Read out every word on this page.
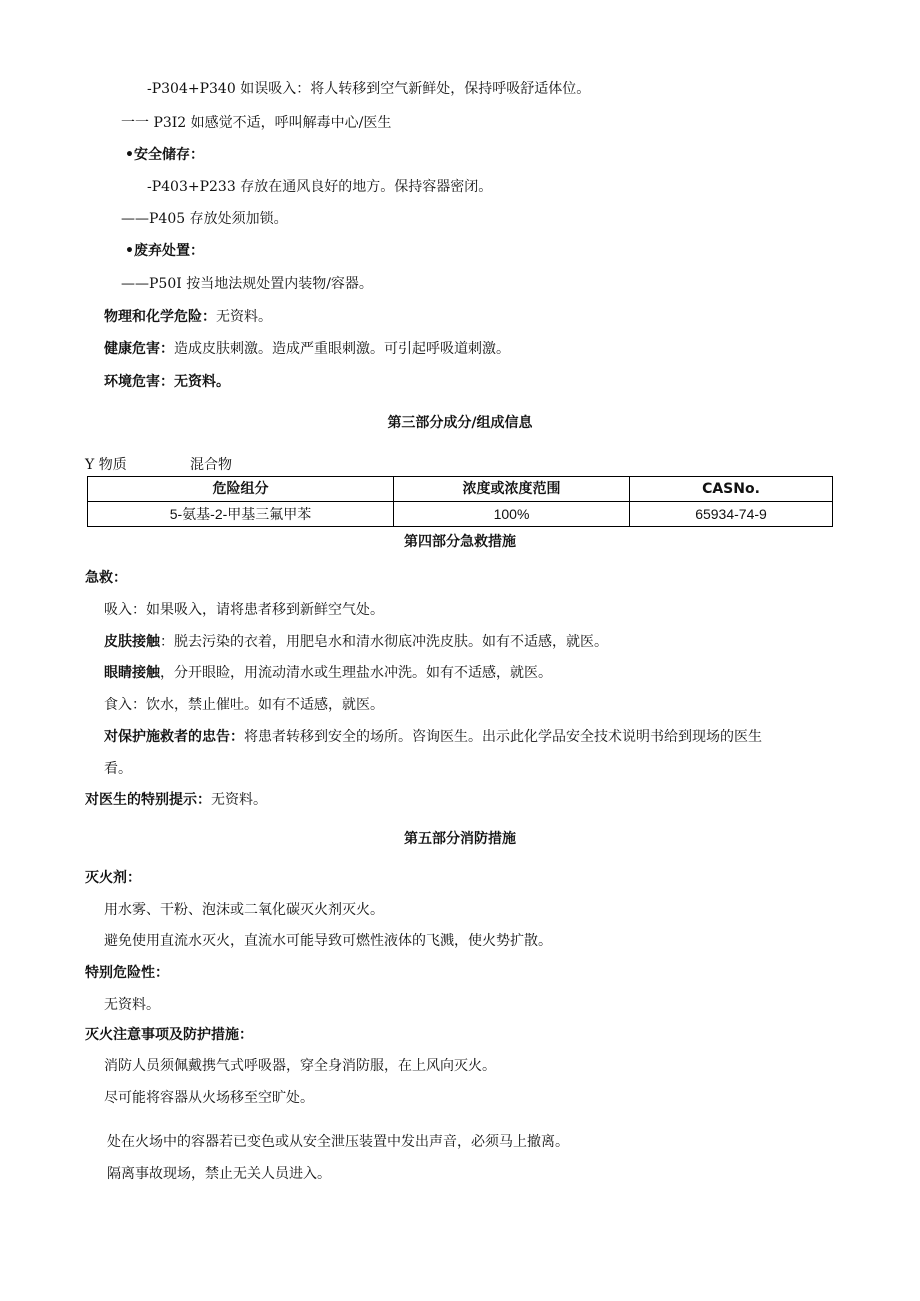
-P304+P340 如误吸入：将人转移到空气新鲜处，保持呼吸舒适体位。
一一 P3I2 如感觉不适，呼叫解毒中心/医生
•安全储存：
-P403+P233 存放在通风良好的地方。保持容器密闭。
——P405 存放处须加锁。
•废弃处置：
——P50I 按当地法规处置内装物/容器。
物理和化学危险：无资料。
健康危害：造成皮肤刺激。造成严重眼刺激。可引起呼吸道刺激。
环境危害：无资料。
第三部分成分/组成信息
Y 物质	混合物
危险组分	浓度或浓度范围	CASNo.
5-氨基-2-甲基三氟甲苯	100%	65934-74-9
第四部分急救措施
急救：
吸入：如果吸入，请将患者移到新鲜空气处。
皮肤接触：脱去污染的衣着，用肥皂水和清水彻底冲洗皮肤。如有不适感，就医。
眼睛接触，分开眼睑，用流动清水或生理盐水冲洗。如有不适感，就医。
食入：饮水，禁止催吐。如有不适感，就医。
对保护施救者的忠告：将患者转移到安全的场所。咨询医生。出示此化学品安全技术说明书给到现场的医生
看。
对医生的特别提示：无资料。
第五部分消防措施
灭火剂：
用水雾、干粉、泡沫或二氧化碳灭火剂灭火。
避免使用直流水灭火，直流水可能导致可燃性液体的飞溅，使火势扩散。
特别危险性：
无资料。
灭火注意事项及防护措施：
消防人员须佩戴携气式呼吸器，穿全身消防服，在上风向灭火。
尽可能将容器从火场移至空旷处。
处在火场中的容器若已变色或从安全泄压装置中发出声音，必须马上撤离。
隔离事故现场，禁止无关人员进入。
